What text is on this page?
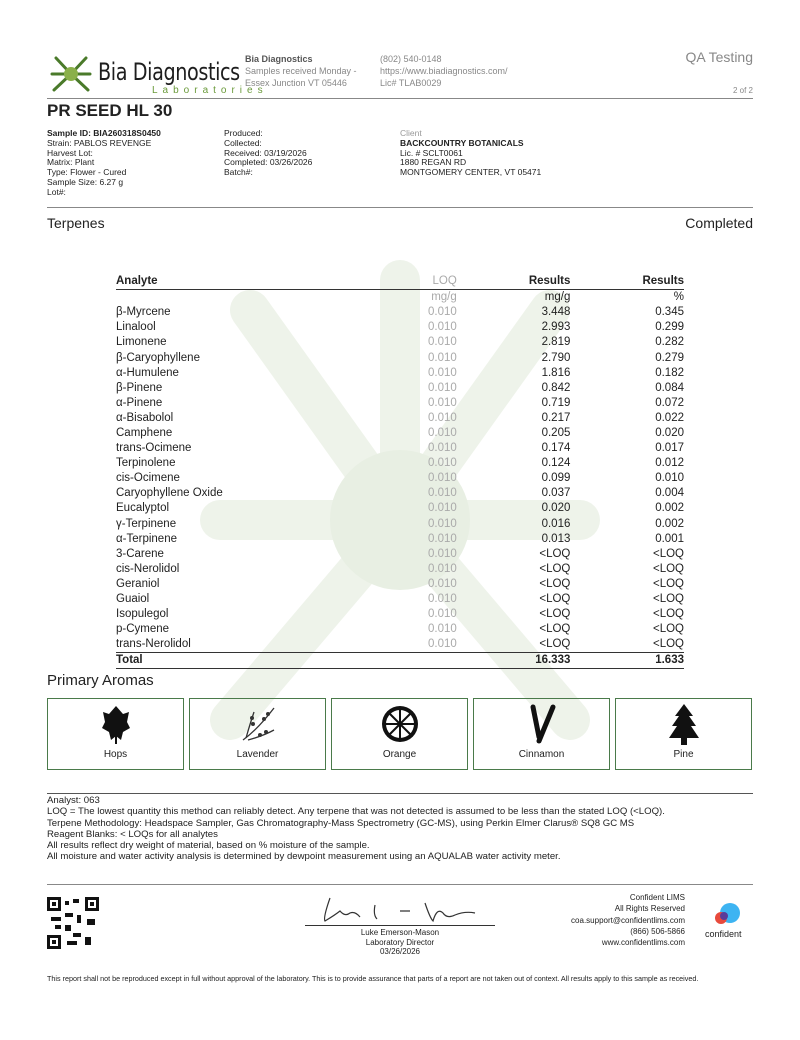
Bia Diagnostics
Laboratories
Bia Diagnostics
Samples received Monday -
Essex Junction VT 05446
(802) 540-0148
https://www.biadiagnostics.com/
Lic# TLAB0029
QA Testing
2 of 2
PR SEED HL 30
Sample ID: BIA260318S0450
Strain: PABLOS REVENGE
Harvest Lot:
Matrix: Plant
Type: Flower - Cured
Sample Size: 6.27 g
Lot#:
Produced:
Collected:
Received: 03/19/2026
Completed: 03/26/2026
Batch#:
Client
BACKCOUNTRY BOTANICALS
Lic. # SCLT0061
1880 REGAN RD
MONTGOMERY CENTER, VT 05471
Terpenes	Completed
Analyte	LOQ	Results	Results
	mg/g	mg/g	%
β-Myrcene	0.010	3.448	0.345
Linalool	0.010	2.993	0.299
Limonene	0.010	2.819	0.282
β-Caryophyllene	0.010	2.790	0.279
α-Humulene	0.010	1.816	0.182
β-Pinene	0.010	0.842	0.084
α-Pinene	0.010	0.719	0.072
α-Bisabolol	0.010	0.217	0.022
Camphene	0.010	0.205	0.020
trans-Ocimene	0.010	0.174	0.017
Terpinolene	0.010	0.124	0.012
cis-Ocimene	0.010	0.099	0.010
Caryophyllene Oxide	0.010	0.037	0.004
Eucalyptol	0.010	0.020	0.002
γ-Terpinene	0.010	0.016	0.002
α-Terpinene	0.010	0.013	0.001
3-Carene	0.010	<LOQ	<LOQ
cis-Nerolidol	0.010	<LOQ	<LOQ
Geraniol	0.010	<LOQ	<LOQ
Guaiol	0.010	<LOQ	<LOQ
Isopulegol	0.010	<LOQ	<LOQ
p-Cymene	0.010	<LOQ	<LOQ
trans-Nerolidol	0.010	<LOQ	<LOQ
Total		16.333	1.633
Primary Aromas
Hops	Lavender	Orange	Cinnamon	Pine
Analyst: 063
LOQ = The lowest quantity this method can reliably detect. Any terpene that was not detected is assumed to be less than the stated LOQ (<LOQ).
Terpene Methodology: Headspace Sampler, Gas Chromatography-Mass Spectrometry (GC-MS), using Perkin Elmer Clarus® SQ8 GC MS
Reagent Blanks: < LOQs for all analytes
All results reflect dry weight of material, based on % moisture of the sample.
All moisture and water activity analysis is determined by dewpoint measurement using an AQUALAB water activity meter.
Luke Emerson-Mason
Laboratory Director
03/26/2026
Confident LIMS
All Rights Reserved
coa.support@confidentlims.com
(866) 506-5866
www.confidentlims.com
confident
This report shall not be reproduced except in full without approval of the laboratory. This is to provide assurance that parts of a report are not taken out of context. All results apply to this sample as received.
